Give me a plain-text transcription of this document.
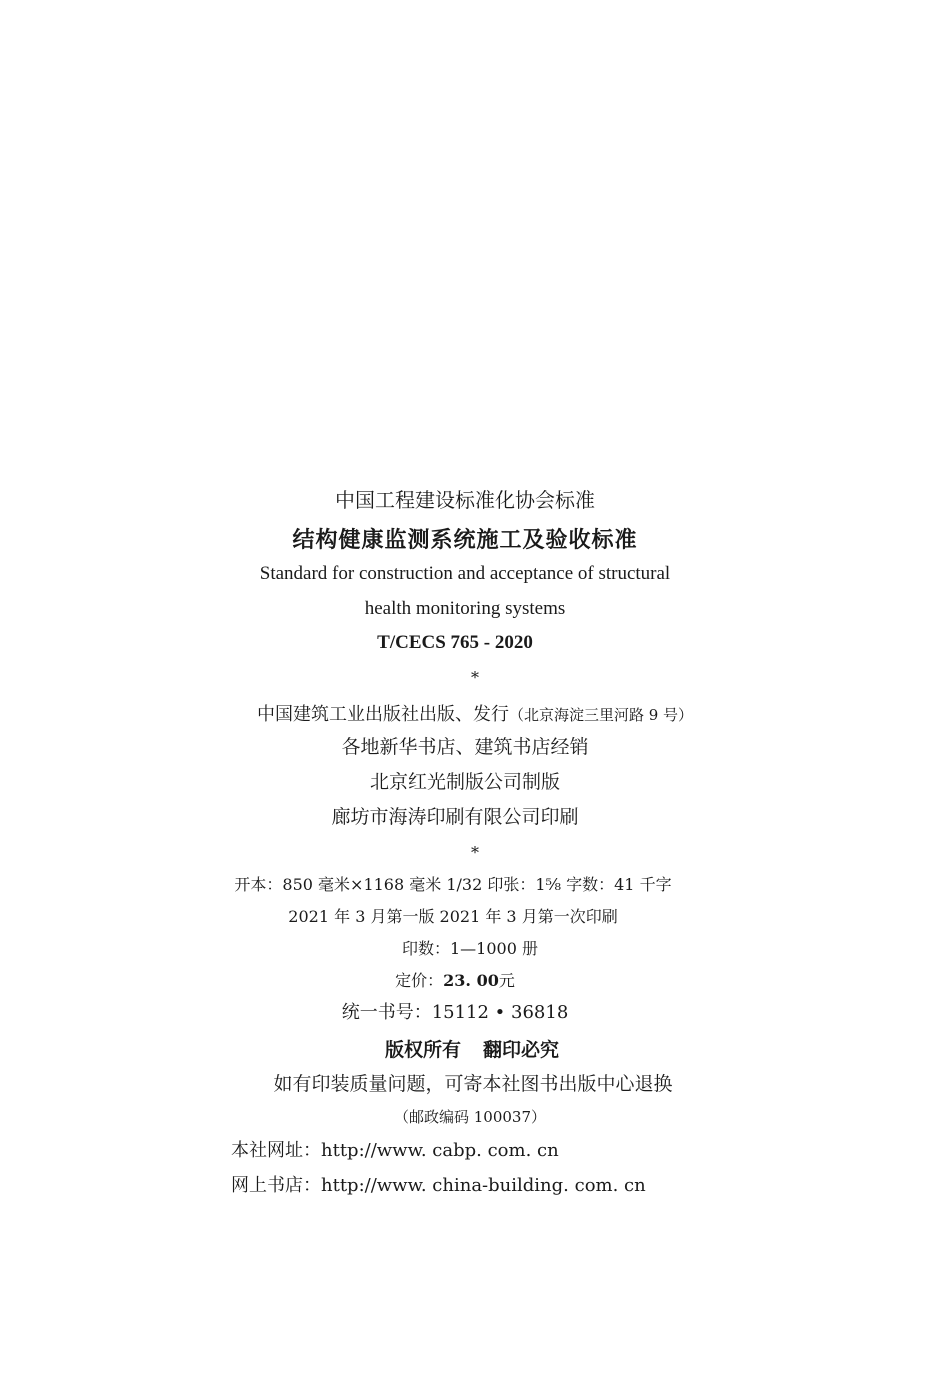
中国工程建设标准化协会标准
结构健康监测系统施工及验收标准
Standard for construction and acceptance of structural
health monitoring systems
T/CECS 765 - 2020
*
中国建筑工业出版社出版、发行（北京海淀三里河路 9 号）
各地新华书店、建筑书店经销
北京红光制版公司制版
廊坊市海涛印刷有限公司印刷
*
开本：850 毫米×1168 毫米 1/32 印张：1⅝ 字数：41 千字
2021 年 3 月第一版 2021 年 3 月第一次印刷
印数：1—1000 册
定价：23. 00元
统一书号：15112 • 36818
版权所有 翻印必究
如有印装质量问题，可寄本社图书出版中心退换
（邮政编码 100037）
本社网址：http://www. cabp. com. cn
网上书店：http://www. china-building. com. cn
